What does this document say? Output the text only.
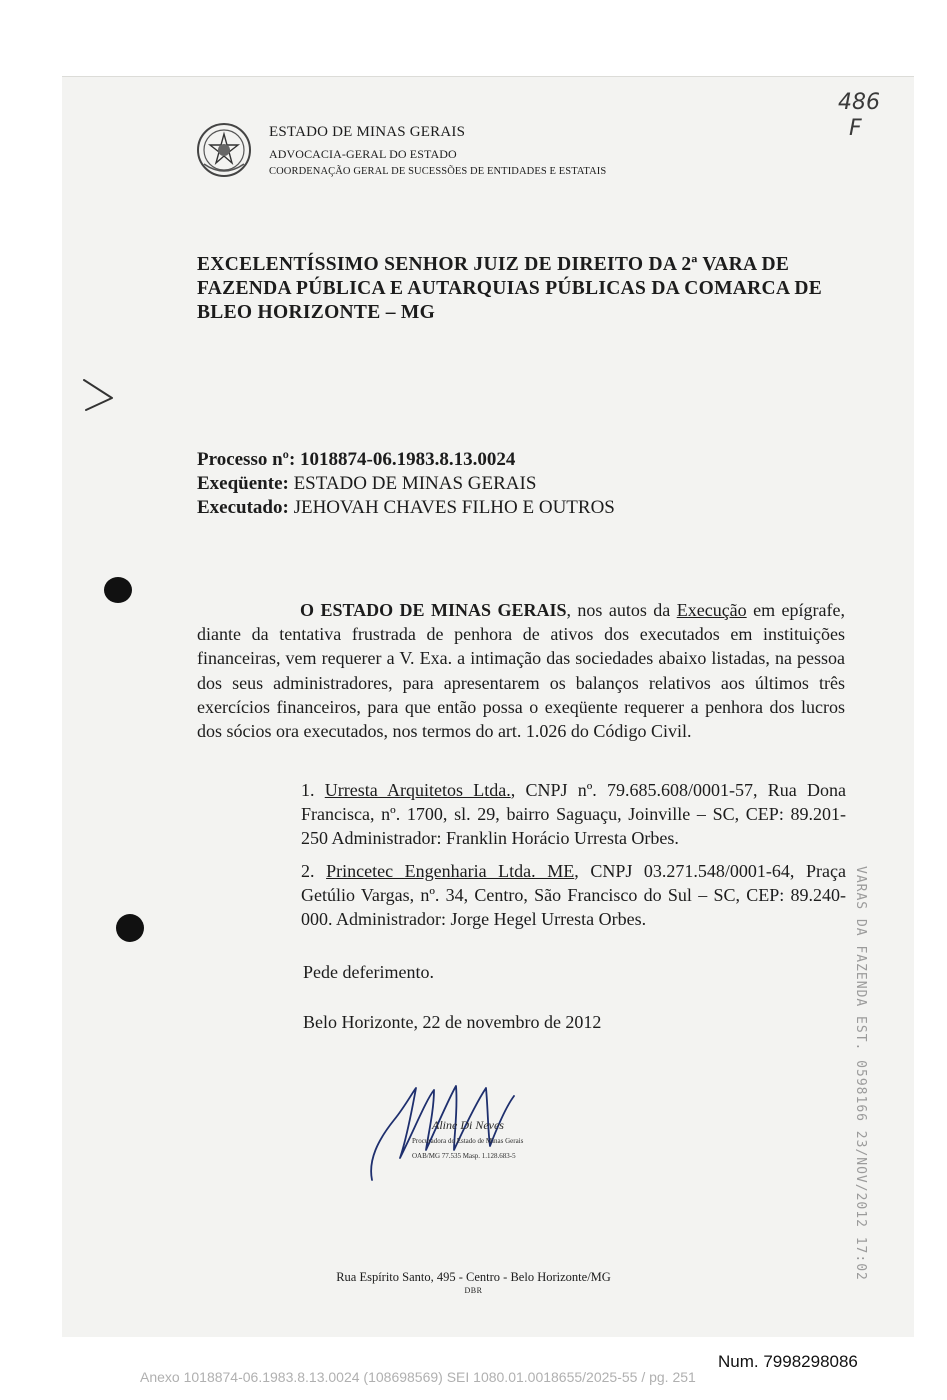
ESTADO DE MINAS GERAIS
ADVOCACIA-GERAL DO ESTADO
COORDENAÇÃO GERAL DE SUCESSÕES DE ENTIDADES E ESTATAIS
486
F
EXCELENTÍSSIMO SENHOR JUIZ DE DIREITO DA 2ª VARA DE
FAZENDA PÚBLICA E AUTARQUIAS PÚBLICAS DA COMARCA DE
BLEO HORIZONTE – MG
Processo nº: 1018874-06.1983.8.13.0024
Exeqüente: ESTADO DE MINAS GERAIS
Executado: JEHOVAH CHAVES FILHO E OUTROS
O ESTADO DE MINAS GERAIS, nos autos da Execução em epígrafe, diante da tentativa frustrada de penhora de ativos dos executados em instituições financeiras, vem requerer a V. Exa. a intimação das sociedades abaixo listadas, na pessoa dos seus administradores, para apresentarem os balanços relativos aos últimos três exercícios financeiros, para que então possa o exeqüente requerer a penhora dos lucros dos sócios ora executados, nos termos do art. 1.026 do Código Civil.
1. Urresta Arquitetos Ltda., CNPJ nº. 79.685.608/0001-57, Rua Dona Francisca, nº. 1700, sl. 29, bairro Saguaçu, Joinville – SC, CEP: 89.201-250 Administrador: Franklin Horácio Urresta Orbes.
2. Princetec Engenharia Ltda. ME, CNPJ 03.271.548/0001-64, Praça Getúlio Vargas, nº. 34, Centro, São Francisco do Sul – SC, CEP: 89.240-000. Administrador: Jorge Hegel Urresta Orbes.
Pede deferimento.
Belo Horizonte, 22 de novembro de 2012	VARAS DA FAZENDA EST. 0598166 23/NOV/2012 17:02
Aline Di Neves
Procuradora do Estado de Minas Gerais
OAB/MG 77.535 Masp. 1.128.683-5
Rua Espírito Santo, 495 - Centro - Belo Horizonte/MG
DBR
Num. 7998298086
Anexo 1018874-06.1983.8.13.0024 (108698569) SEI 1080.01.0018655/2025-55 / pg. 251
